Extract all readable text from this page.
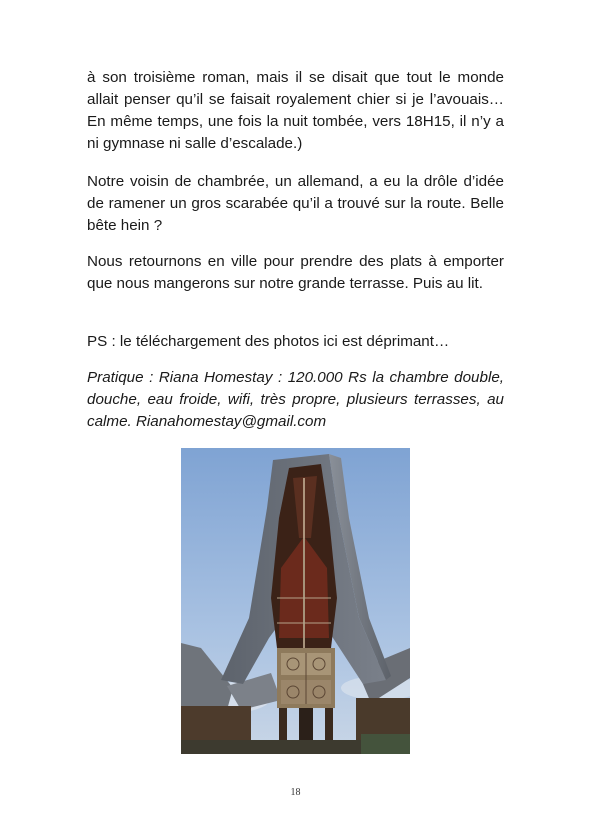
à son troisième roman, mais il se disait que tout le monde allait penser qu’il se faisait royalement chier si je l’avouais… En même temps, une fois la nuit tombée, vers 18H15, il n’y a ni gymnase ni salle d’escalade.)

Notre voisin de chambrée, un allemand, a eu la drôle d’idée de ramener un gros scarabée qu’il a trouvé sur la route. Belle bête hein ?

Nous retournons en ville pour prendre des plats à emporter que nous mangerons sur notre grande terrasse. Puis au lit.

PS : le téléchargement des photos ici est déprimant…

Pratique : Riana Homestay : 120.000 Rs la chambre double, douche, eau froide, wifi, très propre, plusieurs terrasses, au calme. Rianahomestay@gmail.com

18
